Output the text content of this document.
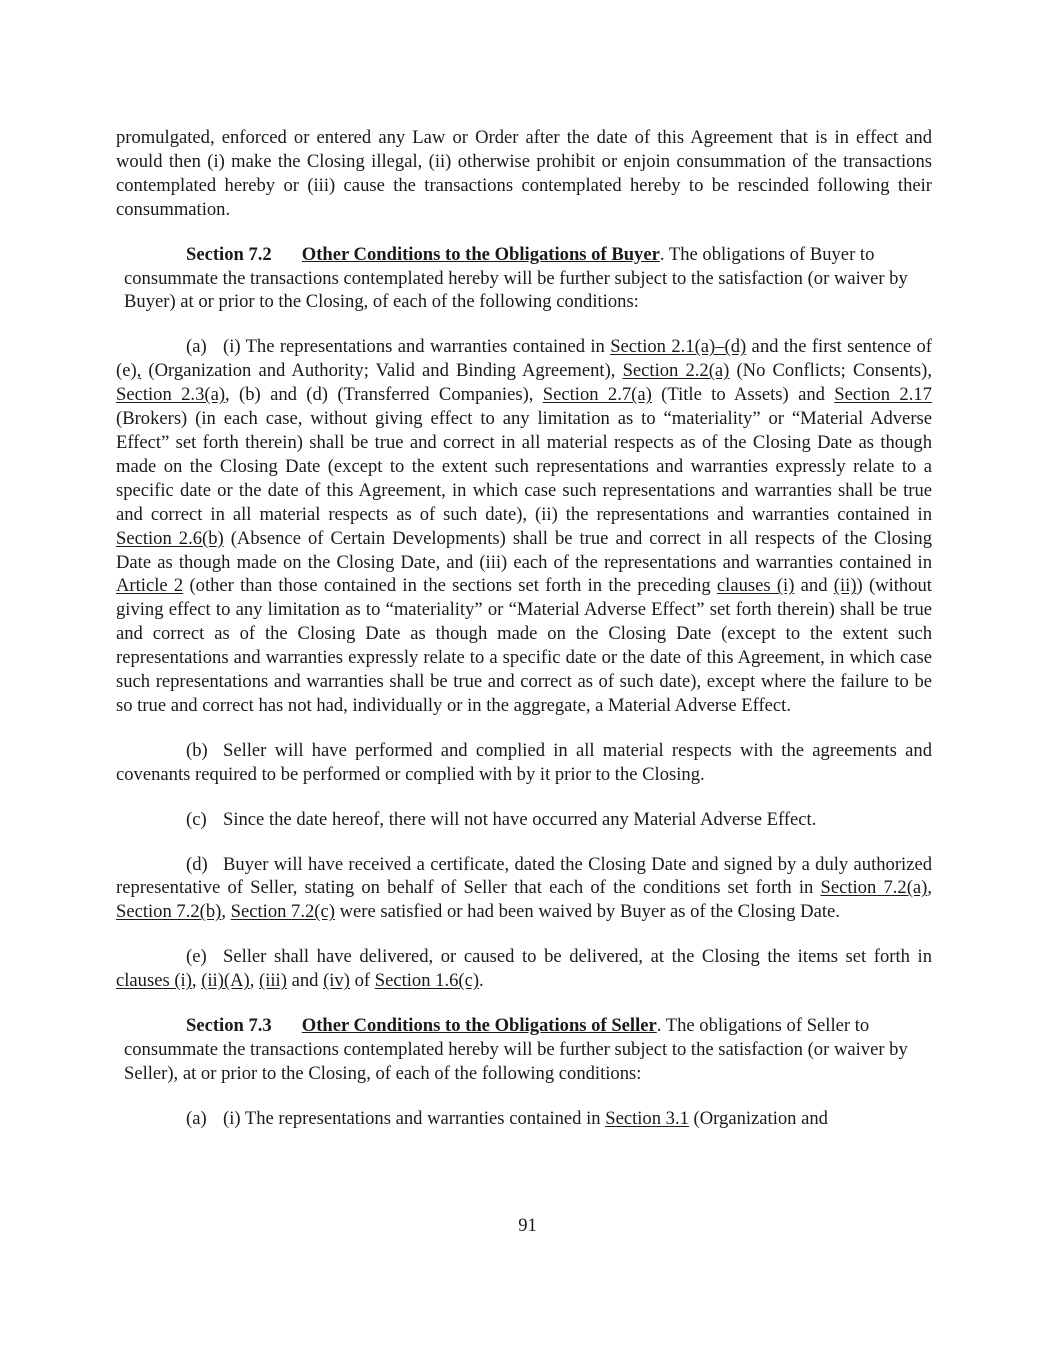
promulgated, enforced or entered any Law or Order after the date of this Agreement that is in effect and would then (i) make the Closing illegal, (ii) otherwise prohibit or enjoin consummation of the transactions contemplated hereby or (iii) cause the transactions contemplated hereby to be rescinded following their consummation.

Section 7.2 Other Conditions to the Obligations of Buyer. The obligations of Buyer to consummate the transactions contemplated hereby will be further subject to the satisfaction (or waiver by Buyer) at or prior to the Closing, of each of the following conditions:

(a) (i) The representations and warranties contained in Section 2.1(a)–(d) and the first sentence of (e), (Organization and Authority; Valid and Binding Agreement), Section 2.2(a) (No Conflicts; Consents), Section 2.3(a), (b) and (d) (Transferred Companies), Section 2.7(a) (Title to Assets) and Section 2.17 (Brokers) (in each case, without giving effect to any limitation as to “materiality” or “Material Adverse Effect” set forth therein) shall be true and correct in all material respects as of the Closing Date as though made on the Closing Date (except to the extent such representations and warranties expressly relate to a specific date or the date of this Agreement, in which case such representations and warranties shall be true and correct in all material respects as of such date), (ii) the representations and warranties contained in Section 2.6(b) (Absence of Certain Developments) shall be true and correct in all respects of the Closing Date as though made on the Closing Date, and (iii) each of the representations and warranties contained in Article 2 (other than those contained in the sections set forth in the preceding clauses (i) and (ii)) (without giving effect to any limitation as to “materiality” or “Material Adverse Effect” set forth therein) shall be true and correct as of the Closing Date as though made on the Closing Date (except to the extent such representations and warranties expressly relate to a specific date or the date of this Agreement, in which case such representations and warranties shall be true and correct as of such date), except where the failure to be so true and correct has not had, individually or in the aggregate, a Material Adverse Effect.

(b) Seller will have performed and complied in all material respects with the agreements and covenants required to be performed or complied with by it prior to the Closing.

(c) Since the date hereof, there will not have occurred any Material Adverse Effect.

(d) Buyer will have received a certificate, dated the Closing Date and signed by a duly authorized representative of Seller, stating on behalf of Seller that each of the conditions set forth in Section 7.2(a), Section 7.2(b), Section 7.2(c) were satisfied or had been waived by Buyer as of the Closing Date.

(e) Seller shall have delivered, or caused to be delivered, at the Closing the items set forth in clauses (i), (ii)(A), (iii) and (iv) of Section 1.6(c).

Section 7.3 Other Conditions to the Obligations of Seller. The obligations of Seller to consummate the transactions contemplated hereby will be further subject to the satisfaction (or waiver by Seller), at or prior to the Closing, of each of the following conditions:

(a) (i) The representations and warranties contained in Section 3.1 (Organization and

91
